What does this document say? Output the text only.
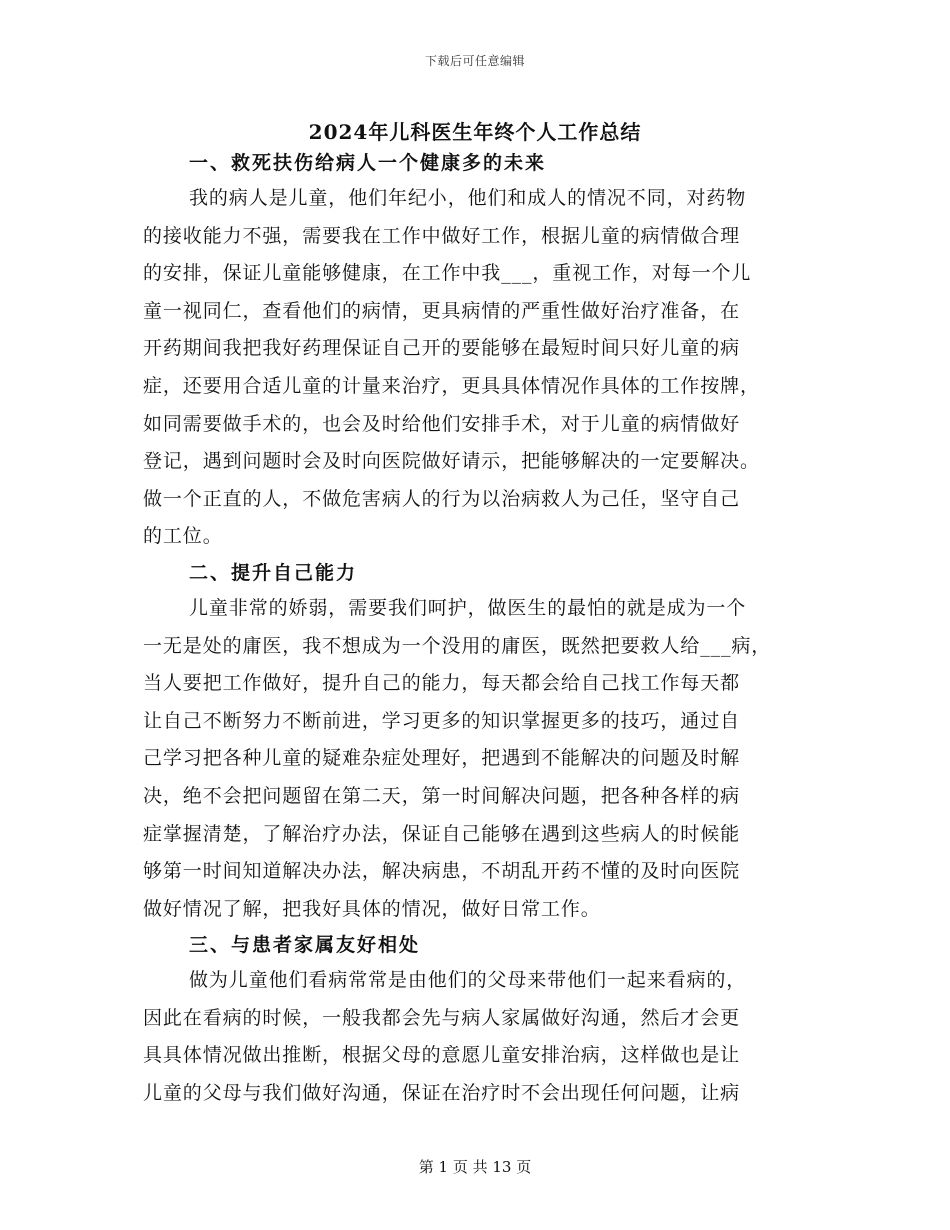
下载后可任意编辑
2024年儿科医生年终个人工作总结
一、救死扶伤给病人一个健康多的未来
我的病人是儿童，他们年纪小，他们和成人的情况不同，对药物
的接收能力不强，需要我在工作中做好工作，根据儿童的病情做合理
的安排，保证儿童能够健康，在工作中我___，重视工作，对每一个儿
童一视同仁，查看他们的病情，更具病情的严重性做好治疗准备，在
开药期间我把我好药理保证自己开的要能够在最短时间只好儿童的病
症，还要用合适儿童的计量来治疗，更具具体情况作具体的工作按牌，
如同需要做手术的，也会及时给他们安排手术，对于儿童的病情做好
登记，遇到问题时会及时向医院做好请示，把能够解决的一定要解决。
做一个正直的人，不做危害病人的行为以治病救人为己任，坚守自己
的工位。
二、提升自己能力
儿童非常的娇弱，需要我们呵护，做医生的最怕的就是成为一个
一无是处的庸医，我不想成为一个没用的庸医，既然把要救人给___病，
当人要把工作做好，提升自己的能力，每天都会给自己找工作每天都
让自己不断努力不断前进，学习更多的知识掌握更多的技巧，通过自
己学习把各种儿童的疑难杂症处理好，把遇到不能解决的问题及时解
决，绝不会把问题留在第二天，第一时间解决问题，把各种各样的病
症掌握清楚，了解治疗办法，保证自己能够在遇到这些病人的时候能
够第一时间知道解决办法，解决病患，不胡乱开药不懂的及时向医院
做好情况了解，把我好具体的情况，做好日常工作。
三、与患者家属友好相处
做为儿童他们看病常常是由他们的父母来带他们一起来看病的，
因此在看病的时候，一般我都会先与病人家属做好沟通，然后才会更
具具体情况做出推断，根据父母的意愿儿童安排治病，这样做也是让
儿童的父母与我们做好沟通，保证在治疗时不会出现任何问题，让病
第 1 页 共 13 页
